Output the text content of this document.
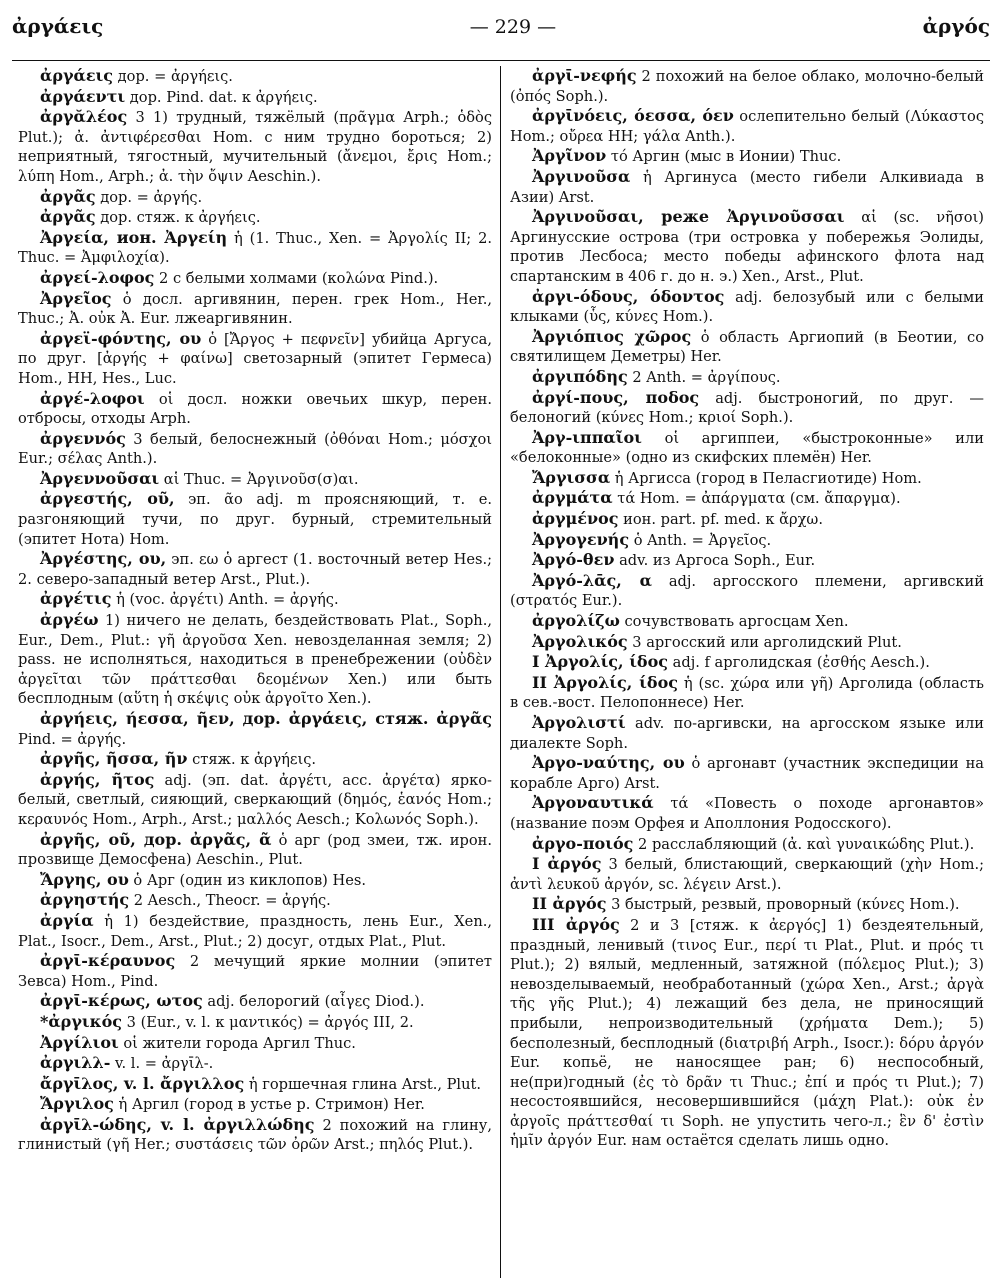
ἀργάεις	— 229 —	ἀργός

ἀργάεις дор. = ἀργήεις.

ἀργάεντι дор. Pind. dat. к ἀργήεις.

ἀργᾰλέος 3 1) трудный, тяжёлый (πρᾶγμα Arph.; ὁδὸς Plut.); ἀ. ἀντιφέρεσθαι Hom. с ним трудно бороться; 2) неприятный, тягостный, мучительный (ἄνεμοι, ἔρις Hom.; λύπη Hom., Arph.; ἀ. τὴν ὄψιν Aeschin.).

ἀργᾶς дор. = ἀργής.

ἀργᾶς дор. стяж. к ἀργήεις.

Ἀργεία, ион. Ἀργείη ἡ (1. Thuc., Xen. = Ἀργολίς II; 2. Thuc. = Ἀμφιλοχία).

ἀργεί-λοφος 2 с белыми холмами (κολώνα Pind.).

Ἀργεῖος ὁ досл. аргивянин, перен. грек Hom., Her., Thuc.; Ἀ. οὐκ Ἀ. Eur. лжеаргивянин.

ἀργεϊ-φόντης, ου ὁ [Ἄργος + πεφνεῖν] убийца Аргуса, по друг. [ἀργής + φαίνω] светозарный (эпитет Гермеса) Hom., HH, Hes., Luc.

ἀργέ-λοφοι οἱ досл. ножки овечьих шкур, перен. отбросы, отходы Arph.

ἀργεννός 3 белый, белоснежный (ὀθόναι Hom.; μόσχοι Eur.; σέλας Anth.).

Ἀργεννοῦσαι αἱ Thuc. = Ἀργινοῦσ(σ)αι.

ἀργεστής, οῦ, эп. ᾶο adj. m проясняющий, т. е. разгоняющий тучи, по друг. бурный, стремительный (эпитет Нота) Hom.

Ἀργέστης, ου, эп. εω ὁ аргест (1. восточный ветер Hes.; 2. северо-западный ветер Arst., Plut.).

ἀργέτις ἡ (voc. ἀργέτι) Anth. = ἀργής.

ἀργέω 1) ничего не делать, бездействовать Plat., Soph., Eur., Dem., Plut.: γῆ ἀργοῦσα Xen. невозделанная земля; 2) pass. не исполняться, находиться в пренебрежении (οὐδὲν ἀργεῖται τῶν πράττεσθαι δεομένων Xen.) или быть бесплодным (αὕτη ἡ σκέψις οὐκ ἀργοῖτο Xen.).

ἀργήεις, ήεσσα, ῆεν, дор. ἀργάεις, стяж. ἀργᾶς Pind. = ἀργής.

ἀργῆς, ῆσσα, ῆν стяж. к ἀργήεις.

ἀργής, ῆτος adj. (эп. dat. ἀργέτι, acc. ἀργέτα) ярко-белый, светлый, сияющий, сверкающий (δημός, ἑανός Hom.; κεραυνός Hom., Arph., Arst.; μαλλός Aesch.; Κολωνός Soph.).

ἀργῆς, οῦ, дор. ἀργᾶς, ᾶ ὁ арг (род змеи, тж. ирон. прозвище Демосфена) Aeschin., Plut.

Ἄργης, ου ὁ Арг (один из киклопов) Hes.

ἀργηστής 2 Aesch., Theocr. = ἀργής.

ἀργία ἡ 1) бездействие, праздность, лень Eur., Xen., Plat., Isocr., Dem., Arst., Plut.; 2) досуг, отдых Plat., Plut.

ἀργῑ-κέραυνος 2 мечущий яркие молнии (эпитет Зевса) Hom., Pind.

ἀργῑ-κέρως, ωτος adj. белорогий (αἶγες Diod.).

*ἀργικός 3 (Eur., v. l. к μαντικός) = ἀργός III, 2.

Ἀργίλιοι οἱ жители города Аргил Thuc.

ἀργιλλ- v. l. = ἀργῑλ-.

ἄργῑλος, v. l. ἄργιλλος ἡ горшечная глина Arst., Plut.

Ἄργιλος ἡ Аргил (город в устье р. Стримон) Her.

ἀργῑλ-ώδης, v. l. ἀργιλλώδης 2 похожий на глину, глинистый (γῆ Her.; συστάσεις τῶν ὀρῶν Arst.; πηλός Plut.).

ἀργῑ-νεφής 2 похожий на белое облако, молочно-белый (ὀπός Soph.).

ἀργῑνόεις, όεσσα, όεν ослепительно белый (Λύκαστος Hom.; οὔρεα HH; γάλα Anth.).

Ἀργῖνον τό Аргин (мыс в Ионии) Thuc.

Ἀργινοῦσα ἡ Аргинуса (место гибели Алкивиада в Азии) Arst.

Ἀργινοῦσαι, реже Ἀργινοῦσσαι αἱ (sc. νῆσοι) Аргинусские острова (три островка у побережья Эолиды, против Лесбоса; место победы афинского флота над спартанским в 406 г. до н. э.) Xen., Arst., Plut.

ἀργι-όδους, όδοντος adj. белозубый или с белыми клыками (ὗς, κύνες Hom.).

Ἀργιόπιος χῶρος ὁ область Аргиопий (в Беотии, со святилищем Деметры) Her.

ἀργιπόδης 2 Anth. = ἀργίπους.

ἀργί-πους, ποδος adj. быстроногий, по друг. — белоногий (κύνες Hom.; κριοί Soph.).

Ἀργ-ιππαῖοι οἱ аргиппеи, «быстроконные» или «белоконные» (одно из скифских племён) Her.

Ἄργισσα ἡ Аргисса (город в Пеласгиотиде) Hom.

ἀργμάτα τά Hom. = ἀπάργματα (см. ἄπαργμα).

ἀργμένος ион. part. pf. med. к ἄρχω.

Ἀργογενής ὁ Anth. = Ἀργεῖος.

Ἀργό-θεν adv. из Аргоса Soph., Eur.

Ἀργό-λᾱς, α adj. аргосского племени, аргивский (στρατός Eur.).

ἀργολίζω сочувствовать аргосцам Xen.

Ἀργολικός 3 аргосский или арголидский Plut.

I Ἀργολίς, ίδος adj. f арголидская (ἐσθής Aesch.).

II Ἀργολίς, ίδος ἡ (sc. χώρα или γῆ) Арголида (область в сев.-вост. Пелопоннесе) Her.

Ἀργολιστί adv. по-аргивски, на аргосском языке или диалекте Soph.

Ἀργο-ναύτης, ου ὁ аргонавт (участник экспедиции на корабле Арго) Arst.

Ἀργοναυτικά τά «Повесть о походе аргонавтов» (название поэм Орфея и Аполлония Родосского).

ἀργο-ποιός 2 расслабляющий (ἀ. καὶ γυναικώδης Plut.).

I ἀργός 3 белый, блистающий, сверкающий (χὴν Hom.; ἀντὶ λευκοῦ ἀργόν, sc. λέγειν Arst.).

II ἀργός 3 быстрый, резвый, проворный (κύνες Hom.).

III ἀργός 2 и 3 [стяж. к ἀεργός] 1) бездеятельный, праздный, ленивый (τινος Eur., περί τι Plat., Plut. и πρός τι Plut.); 2) вялый, медленный, затяжной (πόλεμος Plut.); 3) невозделываемый, необработанный (χώρα Xen., Arst.; ἀργὰ τῆς γῆς Plut.); 4) лежащий без дела, не приносящий прибыли, непроизводительный (χρήματα Dem.); 5) бесполезный, бесплодный (διατριβή Arph., Isocr.): δόρυ ἀργόν Eur. копьё, не наносящее ран; 6) неспособный, не(при)годный (ἐς τὸ δρᾶν τι Thuc.; ἐπί и πρός τι Plut.); 7) несостоявшийся, несовершившийся (μάχη Plat.): οὐκ ἐν ἀργοῖς πράττεσθαί τι Soph. не упустить чего-л.; ἓν δ' ἐστὶν ἡμῖν ἀργόν Eur. нам остаётся сделать лишь одно.
